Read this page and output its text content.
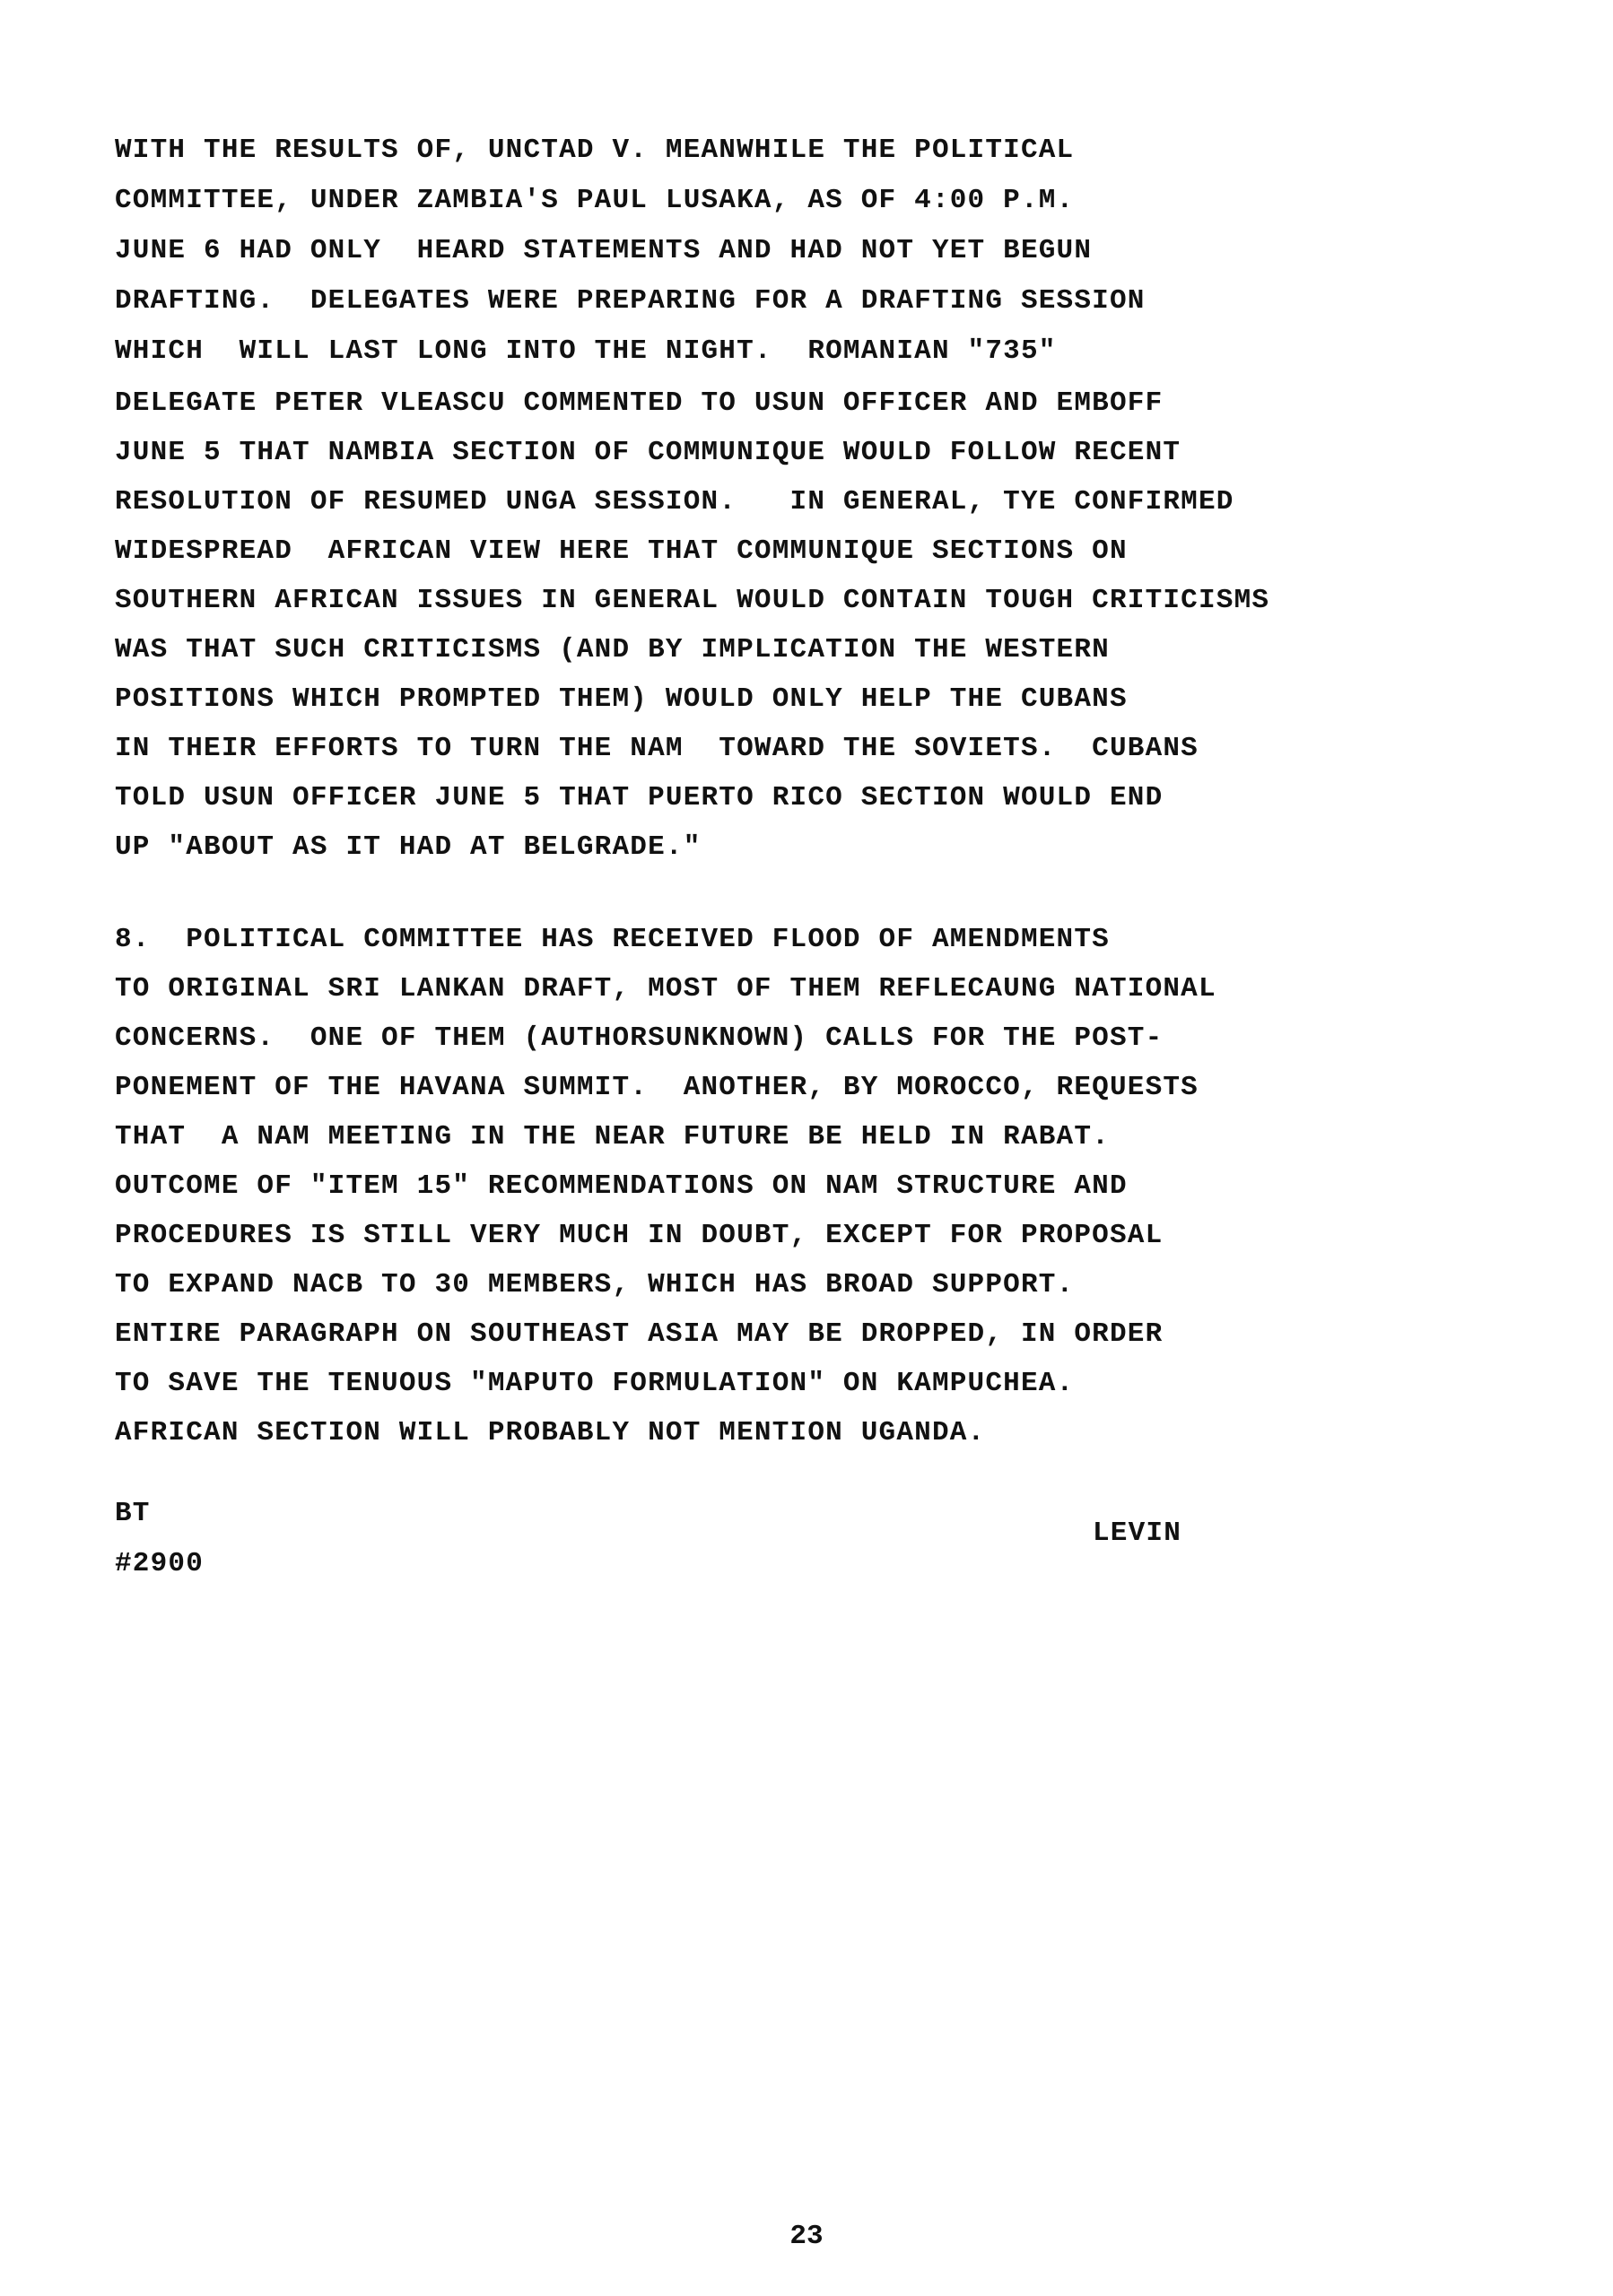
WITH THE RESULTS OF, UNCTAD V. MEANWHILE THE POLITICAL
COMMITTEE, UNDER ZAMBIA'S PAUL LUSAKA, AS OF 4:00 P.M.
JUNE 6 HAD ONLY  HEARD STATEMENTS AND HAD NOT YET BEGUN
DRAFTING.  DELEGATES WERE PREPARING FOR A DRAFTING SESSION
WHICH  WILL LAST LONG INTO THE NIGHT.  ROMANIAN "735"
DELEGATE PETER VLEASCU COMMENTED TO USUN OFFICER AND EMBOFF
JUNE 5 THAT NAMBIA SECTION OF COMMUNIQUE WOULD FOLLOW RECENT
RESOLUTION OF RESUMED UNGA SESSION.   IN GENERAL, TYE CONFIRMED
WIDESPREAD  AFRICAN VIEW HERE THAT COMMUNIQUE SECTIONS ON
SOUTHERN AFRICAN ISSUES IN GENERAL WOULD CONTAIN TOUGH CRITICISMS
WAS THAT SUCH CRITICISMS (AND BY IMPLICATION THE WESTERN
POSITIONS WHICH PROMPTED THEM) WOULD ONLY HELP THE CUBANS
IN THEIR EFFORTS TO TURN THE NAM  TOWARD THE SOVIETS.  CUBANS
TOLD USUN OFFICER JUNE 5 THAT PUERTO RICO SECTION WOULD END
UP "ABOUT AS IT HAD AT BELGRADE."
8.  POLITICAL COMMITTEE HAS RECEIVED FLOOD OF AMENDMENTS
TO ORIGINAL SRI LANKAN DRAFT, MOST OF THEM REFLECAUNG NATIONAL
CONCERNS.  ONE OF THEM (AUTHORSUNKNOWN) CALLS FOR THE POST-
PONEMENT OF THE HAVANA SUMMIT.  ANOTHER, BY MOROCCO, REQUESTS
THAT  A NAM MEETING IN THE NEAR FUTURE BE HELD IN RABAT.
OUTCOME OF "ITEM 15" RECOMMENDATIONS ON NAM STRUCTURE AND
PROCEDURES IS STILL VERY MUCH IN DOUBT, EXCEPT FOR PROPOSAL
TO EXPAND NACB TO 30 MEMBERS, WHICH HAS BROAD SUPPORT.
ENTIRE PARAGRAPH ON SOUTHEAST ASIA MAY BE DROPPED, IN ORDER
TO SAVE THE TENUOUS "MAPUTO FORMULATION" ON KAMPUCHEA.
AFRICAN SECTION WILL PROBABLY NOT MENTION UGANDA.
BT
#2900
LEVIN
23
